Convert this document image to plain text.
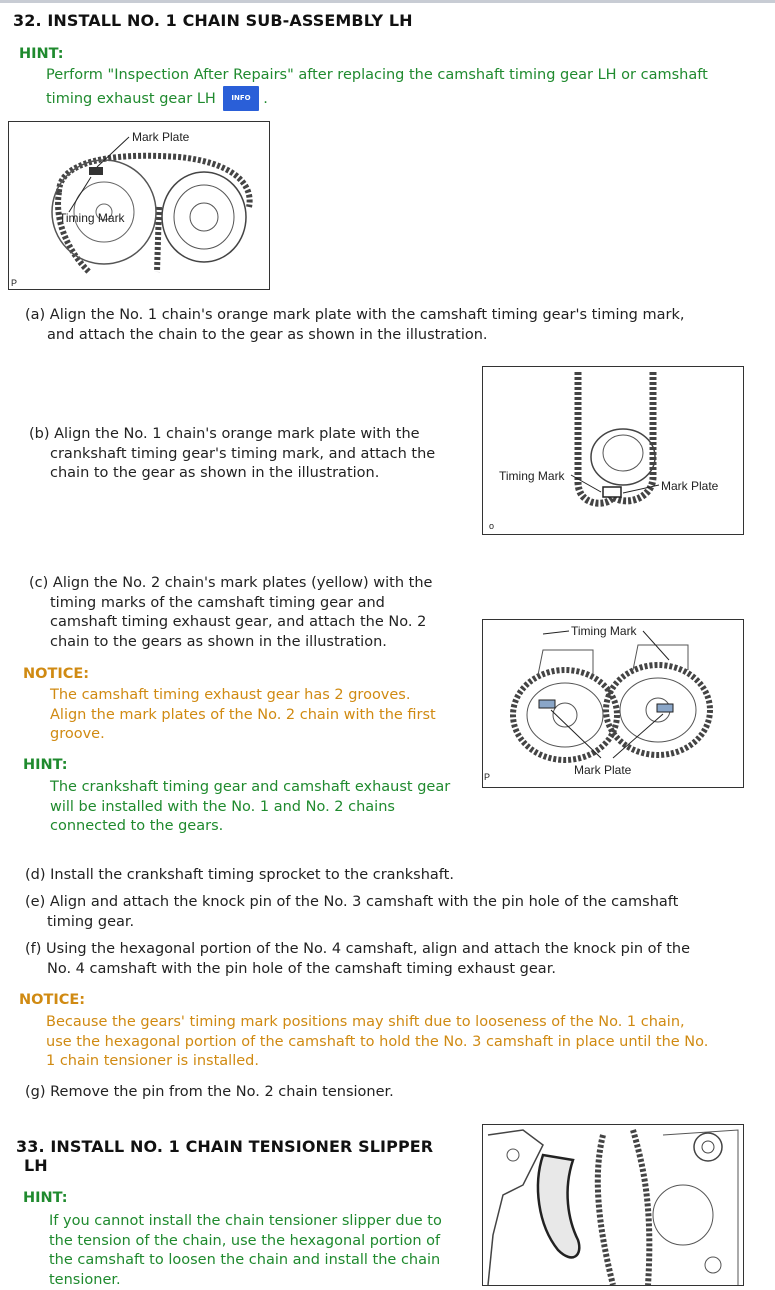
32. INSTALL NO. 1 CHAIN SUB-ASSEMBLY LH
HINT:
Perform "Inspection After Repairs" after replacing the camshaft timing gear LH or camshaft
timing exhaust gear LH INFO .
Mark Plate
Timing Mark
P
(a) Align the No. 1 chain's orange mark plate with the camshaft timing gear's timing mark,
and attach the chain to the gear as shown in the illustration.
Timing Mark
Mark Plate
o
(b) Align the No. 1 chain's orange mark plate with the
crankshaft timing gear's timing mark, and attach the
chain to the gear as shown in the illustration.
(c) Align the No. 2 chain's mark plates (yellow) with the
timing marks of the camshaft timing gear and
camshaft timing exhaust gear, and attach the No. 2
chain to the gears as shown in the illustration.
Timing Mark
Mark Plate
P
NOTICE:
The camshaft timing exhaust gear has 2 grooves.
Align the mark plates of the No. 2 chain with the first
groove.
HINT:
The crankshaft timing gear and camshaft exhaust gear
will be installed with the No. 1 and No. 2 chains
connected to the gears.
(d) Install the crankshaft timing sprocket to the crankshaft.
(e) Align and attach the knock pin of the No. 3 camshaft with the pin hole of the camshaft
timing gear.
(f) Using the hexagonal portion of the No. 4 camshaft, align and attach the knock pin of the
No. 4 camshaft with the pin hole of the camshaft timing exhaust gear.
NOTICE:
Because the gears' timing mark positions may shift due to looseness of the No. 1 chain,
use the hexagonal portion of the camshaft to hold the No. 3 camshaft in place until the No.
1 chain tensioner is installed.
(g) Remove the pin from the No. 2 chain tensioner.
33. INSTALL NO. 1 CHAIN TENSIONER SLIPPER
LH
HINT:
If you cannot install the chain tensioner slipper due to
the tension of the chain, use the hexagonal portion of
the camshaft to loosen the chain and install the chain
tensioner.
